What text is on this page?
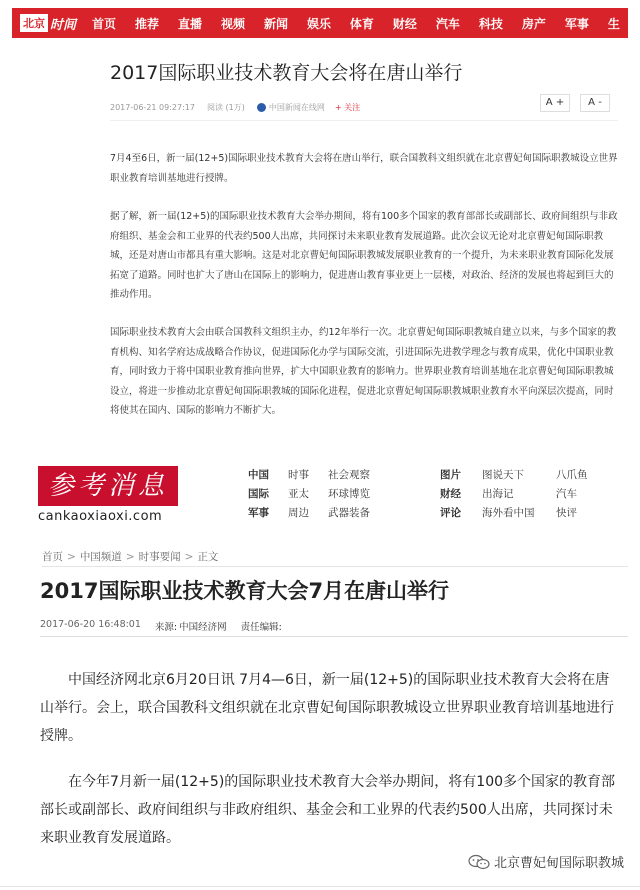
北京 时间 首页 推荐 直播 视频 新闻 娱乐 体育 财经 汽车 科技 房产 军事 生
2017国际职业技术教育大会将在唐山举行
2017-06-21 09:27:17 阅读 (1万)	中国新闻在线网 + 关注	A +	A -

7月4至6日，新一届(12+5)国际职业技术教育大会将在唐山举行，联合国教科文组织就在北京曹妃甸国际职教城设立世界职业教育培训基地进行授牌。

据了解，新一届(12+5)的国际职业技术教育大会举办期间，将有100多个国家的教育部部长或副部长、政府间组织与非政府组织、基金会和工业界的代表约500人出席，共同探讨未来职业教育发展道路。此次会议无论对北京曹妃甸国际职教城，还是对唐山市都具有重大影响。这是对北京曹妃甸国际职教城发展职业教育的一个提升，为未来职业教育国际化发展拓宽了道路。同时也扩大了唐山在国际上的影响力，促进唐山教育事业更上一层楼，对政治、经济的发展也将起到巨大的推动作用。

国际职业技术教育大会由联合国教科文组织主办，约12年举行一次。北京曹妃甸国际职教城自建立以来，与多个国家的教育机构、知名学府达成战略合作协议，促进国际化办学与国际交流，引进国际先进教学理念与教育成果，优化中国职业教育，同时致力于将中国职业教育推向世界，扩大中国职业教育的影响力。世界职业教育培训基地在北京曹妃甸国际职教城设立，将进一步推动北京曹妃甸国际职教城的国际化进程，促进北京曹妃甸国际职教城职业教育水平向深层次提高，同时将使其在国内、国际的影响力不断扩大。

参考消息
cankaoxiaoxi.com
中国 时事 社会观察	图片 图说天下	八爪鱼
国际 亚太 环球博览	财经 出海记	汽车
军事 周边 武器装备	评论 海外看中国 快评
首页 > 中国频道 > 时事要闻 > 正文
2017国际职业技术教育大会7月在唐山举行
2017-06-20 16:48:01 来源: 中国经济网 责任编辑:

中国经济网北京6月20日讯 7月4—6日，新一届(12+5)的国际职业技术教育大会将在唐山举行。会上，联合国教科文组织就在北京曹妃甸国际职教城设立世界职业教育培训基地进行授牌。

在今年7月新一届(12+5)的国际职业技术教育大会举办期间，将有100多个国家的教育部部长或副部长、政府间组织与非政府组织、基金会和工业界的代表约500人出席，共同探讨未来职业教育发展道路。

北京曹妃甸国际职教城
